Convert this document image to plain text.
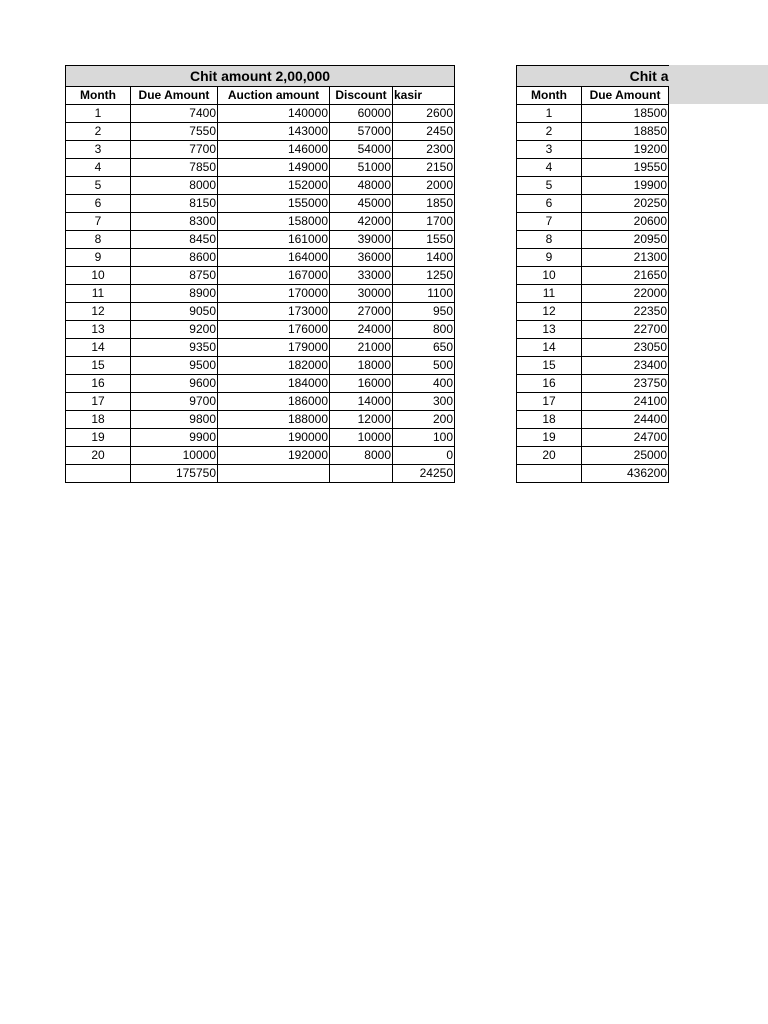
Chit amount 2,00,000				
Month	Due Amount	Auction amount	Discount	kasir
1	7400	140000	60000	2600
2	7550	143000	57000	2450
3	7700	146000	54000	2300
4	7850	149000	51000	2150
5	8000	152000	48000	2000
6	8150	155000	45000	1850
7	8300	158000	42000	1700
8	8450	161000	39000	1550
9	8600	164000	36000	1400
10	8750	167000	33000	1250
11	8900	170000	30000	1100
12	9050	173000	27000	950
13	9200	176000	24000	800
14	9350	179000	21000	650
15	9500	182000	18000	500
16	9600	184000	16000	400
17	9700	186000	14000	300
18	9800	188000	12000	200
19	9900	190000	10000	100
20	10000	192000	8000	0
	175750			24250
Chit a	
Month	Due Amount
1	18500
2	18850
3	19200
4	19550
5	19900
6	20250
7	20600
8	20950
9	21300
10	21650
11	22000
12	22350
13	22700
14	23050
15	23400
16	23750
17	24100
18	24400
19	24700
20	25000
	436200
